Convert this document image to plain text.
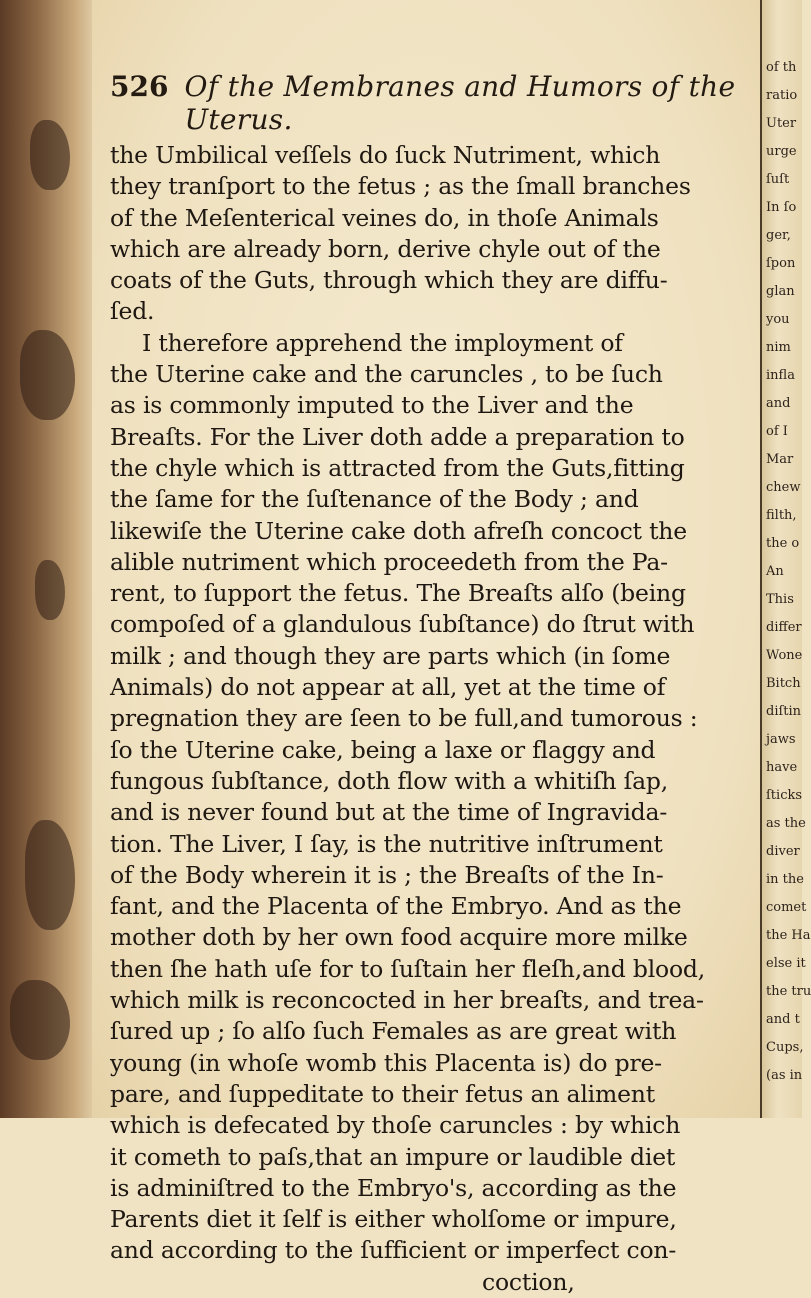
526 Of the Membranes and Humors of the Uterus.
the Umbilical veſſels do ſuck Nutriment, which
they tranſport to the fetus ; as the ſmall branches
of the Meſenterical veines do, in thoſe Animals
which are already born, derive chyle out of the
coats of the Guts, through which they are diffu-
ſed.
I therefore apprehend the imployment of
the Uterine cake and the caruncles , to be ſuch
as is commonly imputed to the Liver and the
Breaſts. For the Liver doth adde a preparation to
the chyle which is attracted from the Guts,fitting
the ſame for the ſuſtenance of the Body ; and
likewiſe the Uterine cake doth afreſh concoct the
alible nutriment which proceedeth from the Pa-
rent, to ſupport the fetus. The Breaſts alſo (being
compoſed of a glandulous ſubſtance) do ſtrut with
milk ; and though they are parts which (in ſome
Animals) do not appear at all, yet at the time of
pregnation they are ſeen to be full,and tumorous :
ſo the Uterine cake, being a laxe or flaggy and
fungous ſubſtance, doth flow with a whitiſh ſap,
and is never found but at the time of Ingravida-
tion. The Liver, I ſay, is the nutritive inſtrument
of the Body wherein it is ; the Breaſts of the In-
fant, and the Placenta of the Embryo. And as the
mother doth by her own food acquire more milke
then ſhe hath uſe for to ſuſtain her fleſh,and blood,
which milk is reconcocted in her breaſts, and trea-
ſured up ; ſo alſo ſuch Females as are great with
young (in whoſe womb this Placenta is) do pre-
pare, and ſuppeditate to their fetus an aliment
which is defecated by thoſe caruncles : by which
it cometh to paſs,that an impure or laudible diet
is adminiſtred to the Embryo's, according as the
Parents diet it ſelf is either wholſome or impure,
and according to the ſufficient or imperfect con-
coction,
of th
ratio
Uter
urge
ſuſt
In ſo
ger,
ſpon
glan
you
nim
infla
and
of I
Mar
chew
filth,
the o
An
This
differ
Wone
Bitch
diſtin
jaws
have
ſticks
as the
diver
in the
comet
the Ha
else it
the tru
and t
Cups,
(as in
